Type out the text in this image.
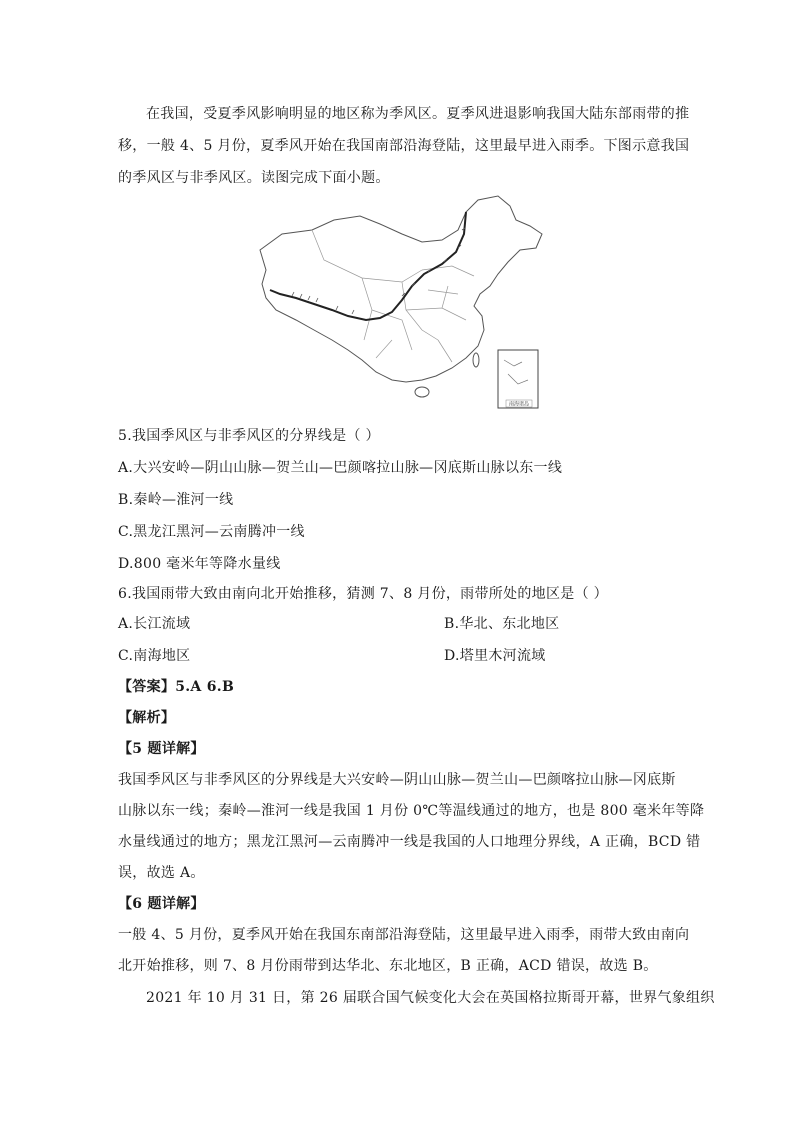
在我国，受夏季风影响明显的地区称为季风区。夏季风进退影响我国大陆东部雨带的推
移，一般 4、5 月份，夏季风开始在我国南部沿海登陆，这里最早进入雨季。下图示意我国
的季风区与非季风区。读图完成下面小题。
南海诸岛
5.我国季风区与非季风区的分界线是（ ）
A.大兴安岭—阴山山脉—贺兰山—巴颜喀拉山脉—冈底斯山脉以东一线
B.秦岭—淮河一线
C.黑龙江黑河—云南腾冲一线
D.800 毫米年等降水量线
6.我国雨带大致由南向北开始推移，猜测 7、8 月份，雨带所处的地区是（ ）
A.长江流域	B.华北、东北地区
C.南海地区	D.塔里木河流域
【答案】5.A 6.B
【解析】
【5 题详解】
我国季风区与非季风区的分界线是大兴安岭—阴山山脉—贺兰山—巴颜喀拉山脉—冈底斯
山脉以东一线；秦岭—淮河一线是我国 1 月份 0℃等温线通过的地方，也是 800 毫米年等降
水量线通过的地方；黑龙江黑河—云南腾冲一线是我国的人口地理分界线，A 正确，BCD 错
误，故选 A。
【6 题详解】
一般 4、5 月份，夏季风开始在我国东南部沿海登陆，这里最早进入雨季，雨带大致由南向
北开始推移，则 7、8 月份雨带到达华北、东北地区，B 正确，ACD 错误，故选 B。
2021 年 10 月 31 日，第 26 届联合国气候变化大会在英国格拉斯哥开幕，世界气象组织
